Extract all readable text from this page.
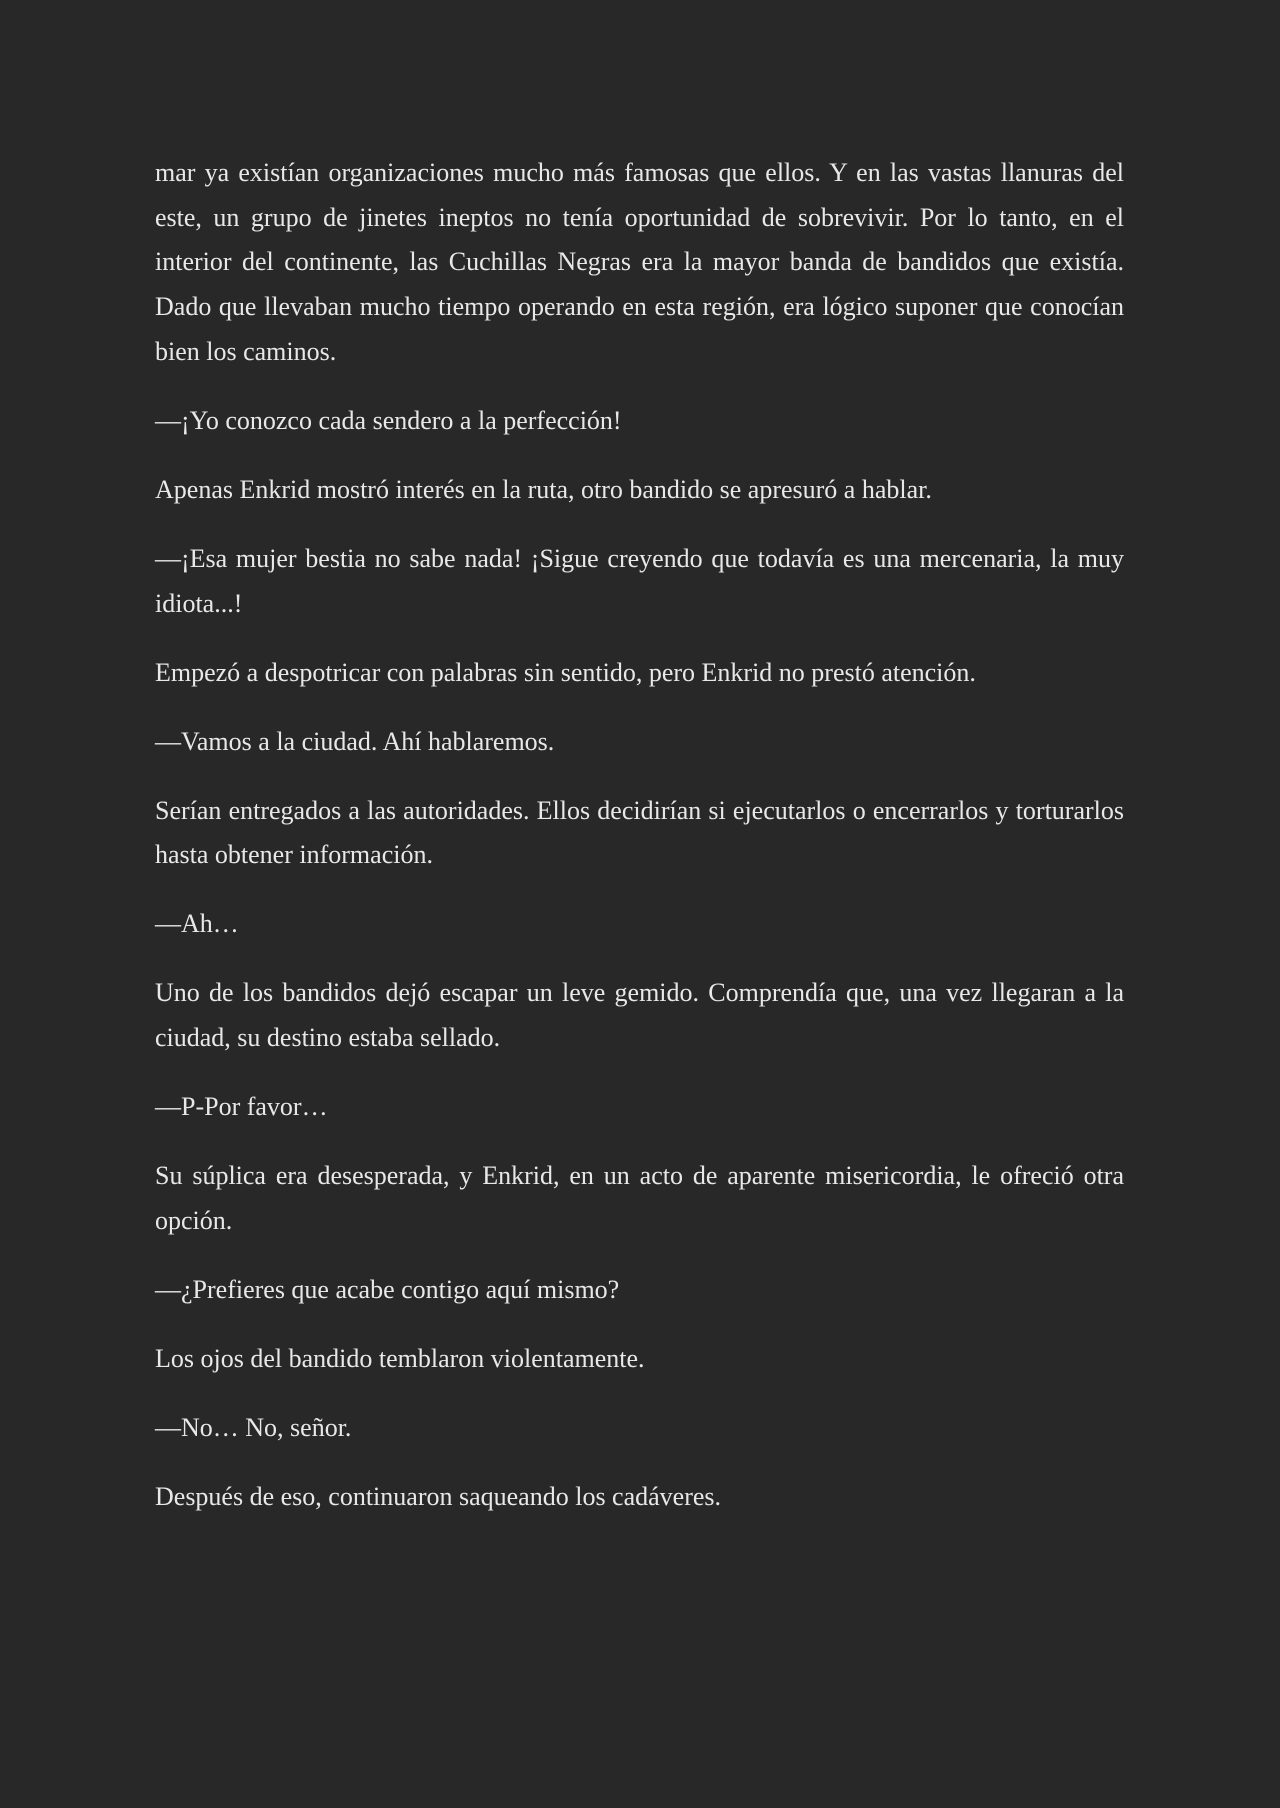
mar ya existían organizaciones mucho más famosas que ellos. Y en las vastas llanuras del este, un grupo de jinetes ineptos no tenía oportunidad de sobrevivir. Por lo tanto, en el interior del continente, las Cuchillas Negras era la mayor banda de bandidos que existía. Dado que llevaban mucho tiempo operando en esta región, era lógico suponer que conocían bien los caminos.

—¡Yo conozco cada sendero a la perfección!

Apenas Enkrid mostró interés en la ruta, otro bandido se apresuró a hablar.

—¡Esa mujer bestia no sabe nada! ¡Sigue creyendo que todavía es una mercenaria, la muy idiota...!

Empezó a despotricar con palabras sin sentido, pero Enkrid no prestó atención.

—Vamos a la ciudad. Ahí hablaremos.

Serían entregados a las autoridades. Ellos decidirían si ejecutarlos o encerrarlos y torturarlos hasta obtener información.

—Ah…

Uno de los bandidos dejó escapar un leve gemido. Comprendía que, una vez llegaran a la ciudad, su destino estaba sellado.

—P-Por favor…

Su súplica era desesperada, y Enkrid, en un acto de aparente misericordia, le ofreció otra opción.

—¿Prefieres que acabe contigo aquí mismo?

Los ojos del bandido temblaron violentamente.

—No… No, señor.

Después de eso, continuaron saqueando los cadáveres.
